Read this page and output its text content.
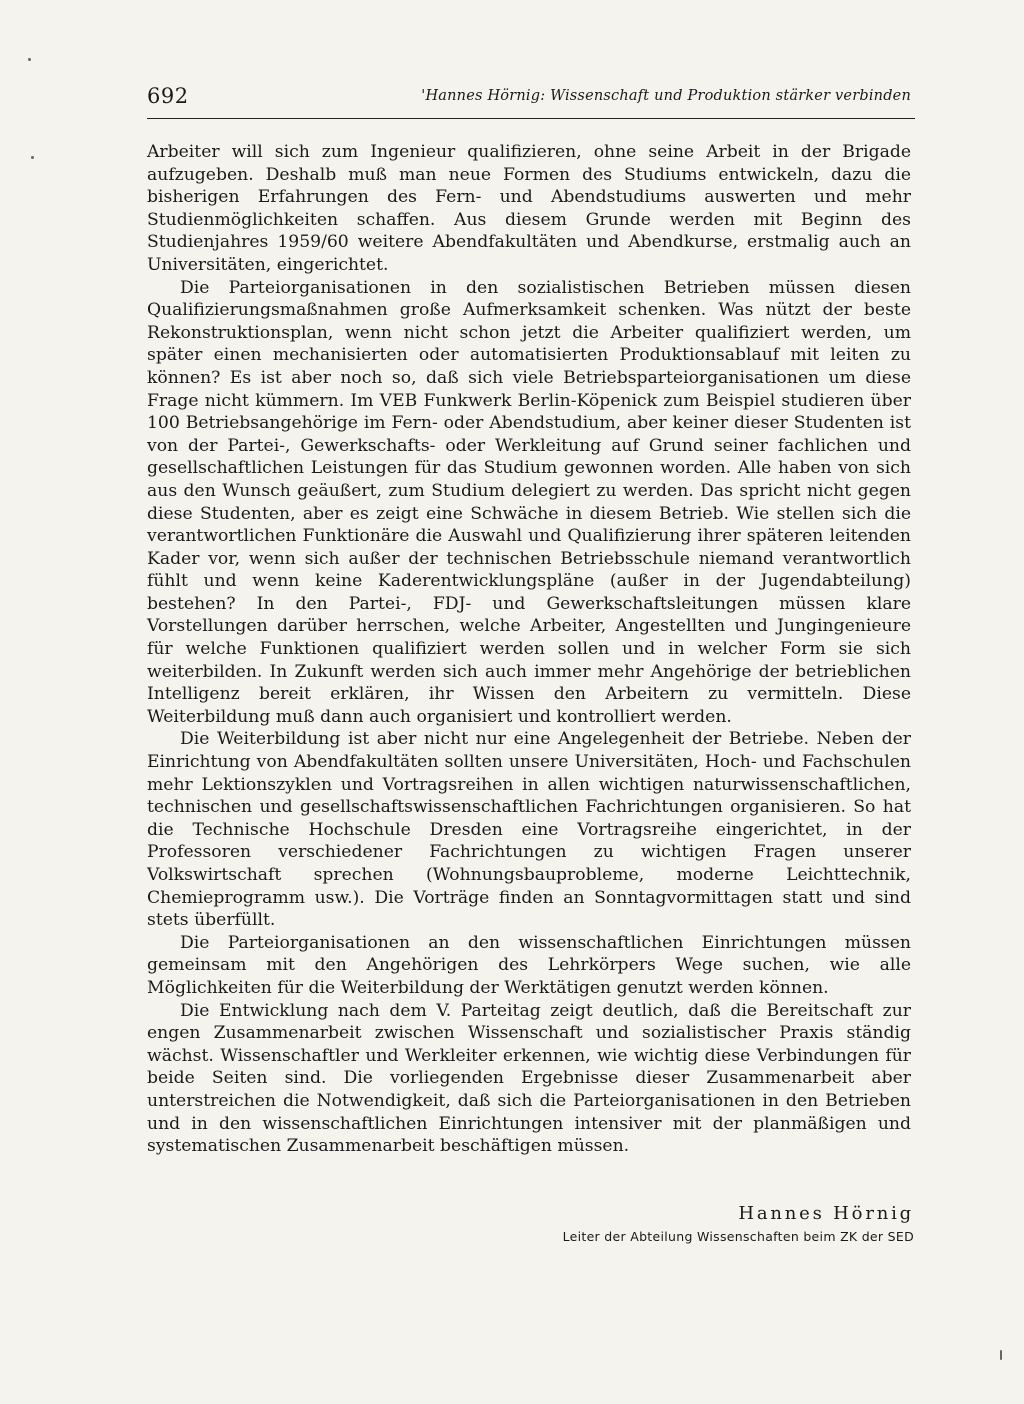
692	'Hannes Hörnig: Wissenschaft und Produktion stärker verbinden

Arbeiter will sich zum Ingenieur qualifizieren, ohne seine Arbeit in der Brigade aufzugeben. Deshalb muß man neue Formen des Studiums entwickeln, dazu die bisherigen Erfahrungen des Fern- und Abendstudiums auswerten und mehr Studienmöglichkeiten schaffen. Aus diesem Grunde werden mit Beginn des Studienjahres 1959/60 weitere Abendfakultäten und Abendkurse, erstmalig auch an Universitäten, eingerichtet.

Die Parteiorganisationen in den sozialistischen Betrieben müssen diesen Qualifizierungsmaßnahmen große Aufmerksamkeit schenken. Was nützt der beste Rekonstruktionsplan, wenn nicht schon jetzt die Arbeiter qualifiziert werden, um später einen mechanisierten oder automatisierten Produktionsablauf mit leiten zu können? Es ist aber noch so, daß sich viele Betriebsparteiorganisationen um diese Frage nicht kümmern. Im VEB Funkwerk Berlin-Köpenick zum Beispiel studieren über 100 Betriebsangehörige im Fern- oder Abendstudium, aber keiner dieser Studenten ist von der Partei-, Gewerkschafts- oder Werkleitung auf Grund seiner fachlichen und gesellschaftlichen Leistungen für das Studium gewonnen worden. Alle haben von sich aus den Wunsch geäußert, zum Studium delegiert zu werden. Das spricht nicht gegen diese Studenten, aber es zeigt eine Schwäche in diesem Betrieb. Wie stellen sich die verantwortlichen Funktionäre die Auswahl und Qualifizierung ihrer späteren leitenden Kader vor, wenn sich außer der technischen Betriebsschule niemand verantwortlich fühlt und wenn keine Kaderentwicklungspläne (außer in der Jugendabteilung) bestehen? In den Partei-, FDJ- und Gewerkschaftsleitungen müssen klare Vorstellungen darüber herrschen, welche Arbeiter, Angestellten und Jungingenieure für welche Funktionen qualifiziert werden sollen und in welcher Form sie sich weiterbilden. In Zukunft werden sich auch immer mehr Angehörige der betrieblichen Intelligenz bereit erklären, ihr Wissen den Arbeitern zu vermitteln. Diese Weiterbildung muß dann auch organisiert und kontrolliert werden.

Die Weiterbildung ist aber nicht nur eine Angelegenheit der Betriebe. Neben der Einrichtung von Abendfakultäten sollten unsere Universitäten, Hoch- und Fachschulen mehr Lektionszyklen und Vortragsreihen in allen wichtigen naturwissenschaftlichen, technischen und gesellschaftswissenschaftlichen Fachrichtungen organisieren. So hat die Technische Hochschule Dresden eine Vortragsreihe eingerichtet, in der Professoren verschiedener Fachrichtungen zu wichtigen Fragen unserer Volkswirtschaft sprechen (Wohnungsbauprobleme, moderne Leichttechnik, Chemieprogramm usw.). Die Vorträge finden an Sonntagvormittagen statt und sind stets überfüllt.

Die Parteiorganisationen an den wissenschaftlichen Einrichtungen müssen gemeinsam mit den Angehörigen des Lehrkörpers Wege suchen, wie alle Möglichkeiten für die Weiterbildung der Werktätigen genutzt werden können.

Die Entwicklung nach dem V. Parteitag zeigt deutlich, daß die Bereitschaft zur engen Zusammenarbeit zwischen Wissenschaft und sozialistischer Praxis ständig wächst. Wissenschaftler und Werkleiter erkennen, wie wichtig diese Verbindungen für beide Seiten sind. Die vorliegenden Ergebnisse dieser Zusammenarbeit aber unterstreichen die Notwendigkeit, daß sich die Parteiorganisationen in den Betrieben und in den wissenschaftlichen Einrichtungen intensiver mit der planmäßigen und systematischen Zusammenarbeit beschäftigen müssen.

Hannes Hörnig
Leiter der Abteilung Wissenschaften beim ZK der SED
